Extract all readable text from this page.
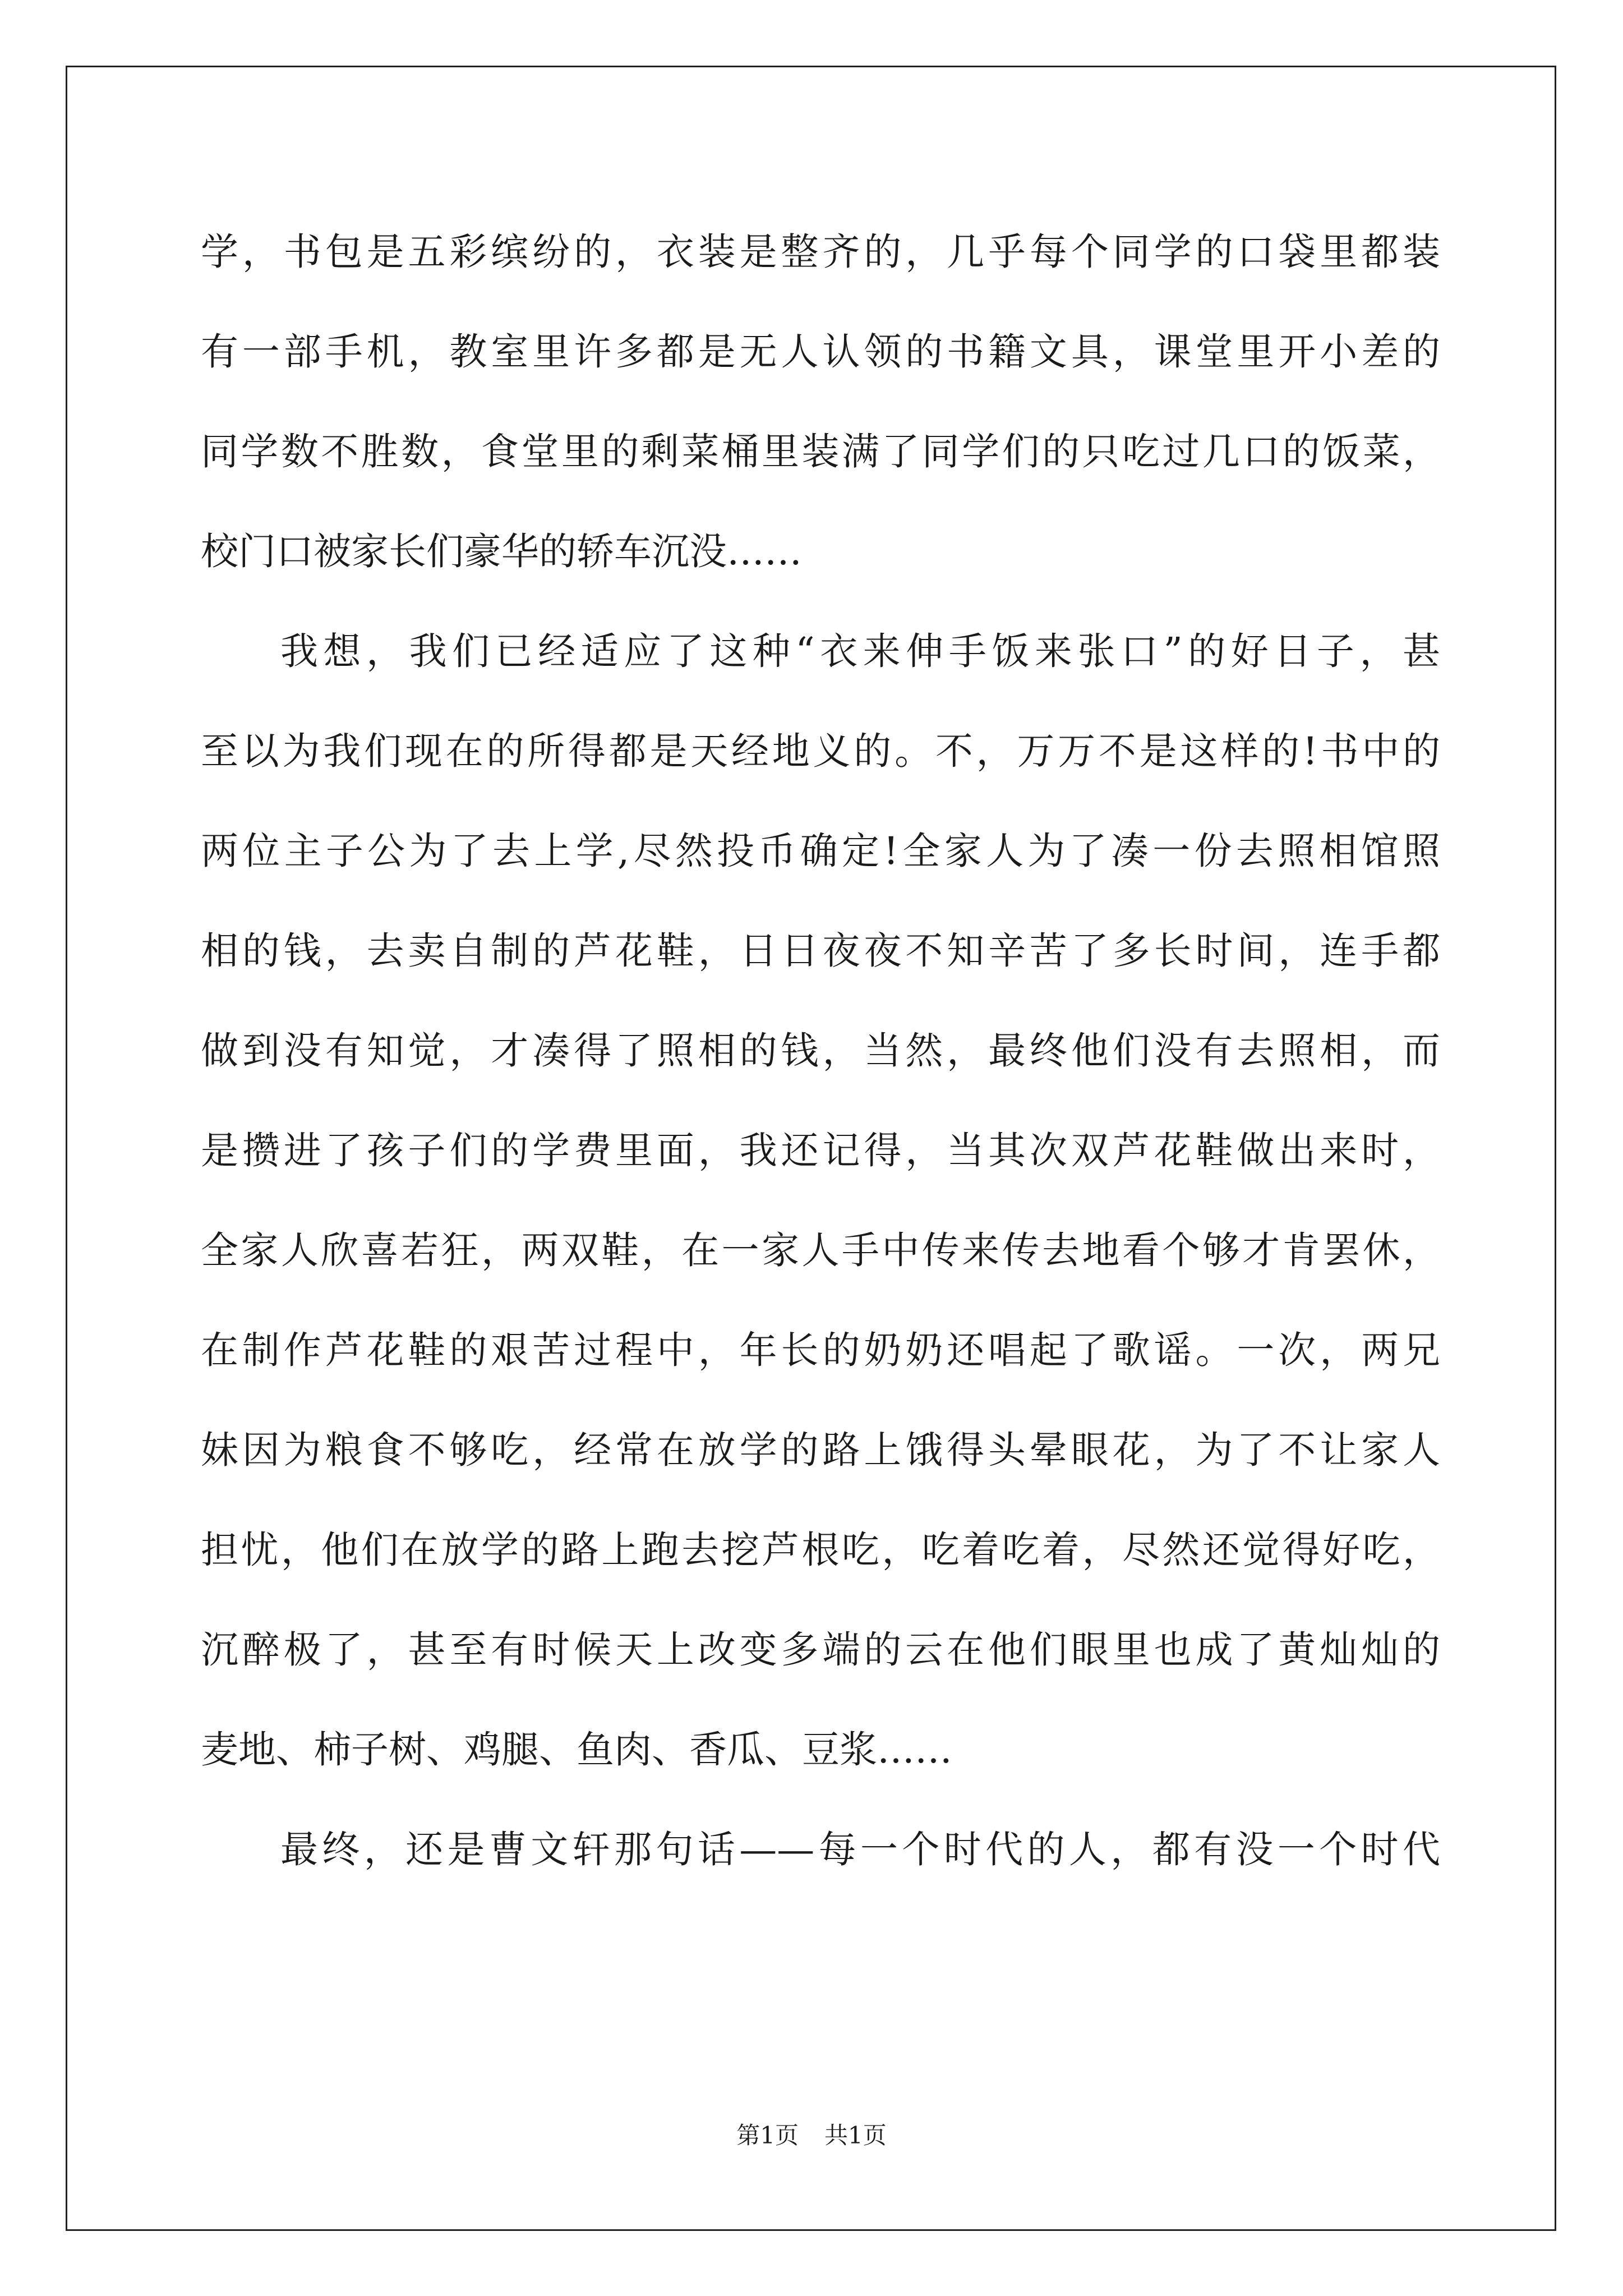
学，书包是五彩缤纷的，衣装是整齐的，几乎每个同学的口袋里都装
有一部手机，教室里许多都是无人认领的书籍文具，课堂里开小差的
同学数不胜数，食堂里的剩菜桶里装满了同学们的只吃过几口的饭菜，
校门口被家长们豪华的轿车沉没……
我想，我们已经适应了这种“衣来伸手饭来张口”的好日子，甚
至以为我们现在的所得都是天经地义的。不，万万不是这样的!书中的
两位主子公为了去上学,尽然投币确定!全家人为了凑一份去照相馆照
相的钱，去卖自制的芦花鞋，日日夜夜不知辛苦了多长时间，连手都
做到没有知觉，才凑得了照相的钱，当然，最终他们没有去照相，而
是攒进了孩子们的学费里面，我还记得，当其次双芦花鞋做出来时，
全家人欣喜若狂，两双鞋，在一家人手中传来传去地看个够才肯罢休，
在制作芦花鞋的艰苦过程中，年长的奶奶还唱起了歌谣。一次，两兄
妹因为粮食不够吃，经常在放学的路上饿得头晕眼花，为了不让家人
担忧，他们在放学的路上跑去挖芦根吃，吃着吃着，尽然还觉得好吃，
沉醉极了，甚至有时候天上改变多端的云在他们眼里也成了黄灿灿的
麦地、柿子树、鸡腿、鱼肉、香瓜、豆浆……
最终，还是曹文轩那句话——每一个时代的人，都有没一个时代
第1页 共1页
